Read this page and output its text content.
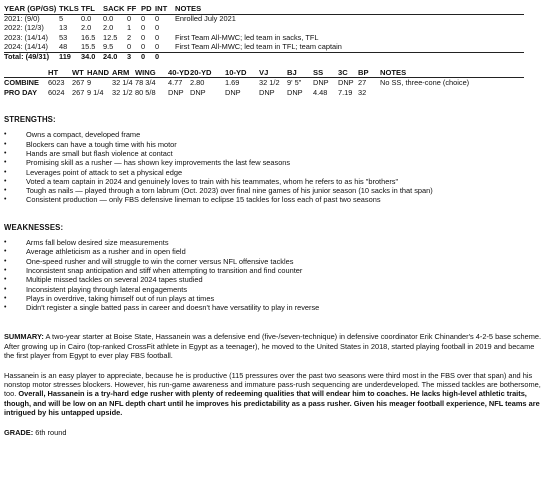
YEAR (GP/GS)	TKLS	TFL	SACK	FF	PD	INT	NOTES
2021: (9/0)	5	0.0	0.0	0	0	0	Enrolled July 2021
2022: (12/3)	13	2.0	2.0	1	0	0	
2023: (14/14)	53	16.5	12.5	2	0	0	First Team All-MWC; led team in sacks, TFL
2024: (14/14)	48	15.5	9.5	0	0	0	First Team All-MWC; led team in TFL; team captain
Total: (49/31)	119	34.0	24.0	3	0	0	
	HT	WT	HAND	ARM	WING	40-YD	20-YD	10-YD	VJ	BJ	SS	3C	BP	NOTES
COMBINE	6023	267	9	32 1/4	78 3/4	4.77	2.80	1.69	32 1/2	9' 5"	DNP	DNP	27	No SS, three-cone (choice)
PRO DAY	6024	267	9 1/4	32 1/2	80 5/8	DNP	DNP	DNP	DNP	DNP	4.48	7.19	32	
STRENGTHS:
• Owns a compact, developed frame
• Blockers can have a tough time with his motor
• Hands are small but flash violence at contact
• Promising skill as a rusher — has shown key improvements the last few seasons
• Leverages point of attack to set a physical edge
• Voted a team captain in 2024 and genuinely loves to train with his teammates, whom he refers to as his "brothers"
• Tough as nails — played through a torn labrum (Oct. 2023) over final nine games of his junior season (10 sacks in that span)
• Consistent production — only FBS defensive lineman to eclipse 15 tackles for loss each of past two seasons
WEAKNESSES:
• Arms fall below desired size measurements
• Average athleticism as a rusher and in open field
• One-speed rusher and will struggle to win the corner versus NFL offensive tackles
• Inconsistent snap anticipation and stiff when attempting to transition and find counter
• Multiple missed tackles on several 2024 tapes studied
• Inconsistent playing through lateral engagements
• Plays in overdrive, taking himself out of run plays at times
• Didn't register a single batted pass in career and doesn't have versatility to play in reverse

SUMMARY: A two-year starter at Boise State, Hassanein was a defensive end (five-/seven-technique) in defensive coordinator Erik Chinander's 4-2-5 base scheme. After growing up in Cairo (top-ranked CrossFit athlete in Egypt as a teenager), he moved to the United States in 2018, started playing football in 2019 and became the first player from Egypt to ever play FBS football.

Hassanein is an easy player to appreciate, because he is productive (115 pressures over the past two seasons were third most in the FBS over that span) and his nonstop motor stresses blockers. However, his run-game awareness and immature pass-rush sequencing are underdeveloped. The missed tackles are bothersome, too. Overall, Hassanein is a try-hard edge rusher with plenty of redeeming qualities that will endear him to coaches. He lacks high-level athletic traits, though, and will be low on an NFL depth chart until he improves his predictability as a pass rusher. Given his meager football experience, NFL teams are intrigued by his untapped upside.

GRADE: 6th round
